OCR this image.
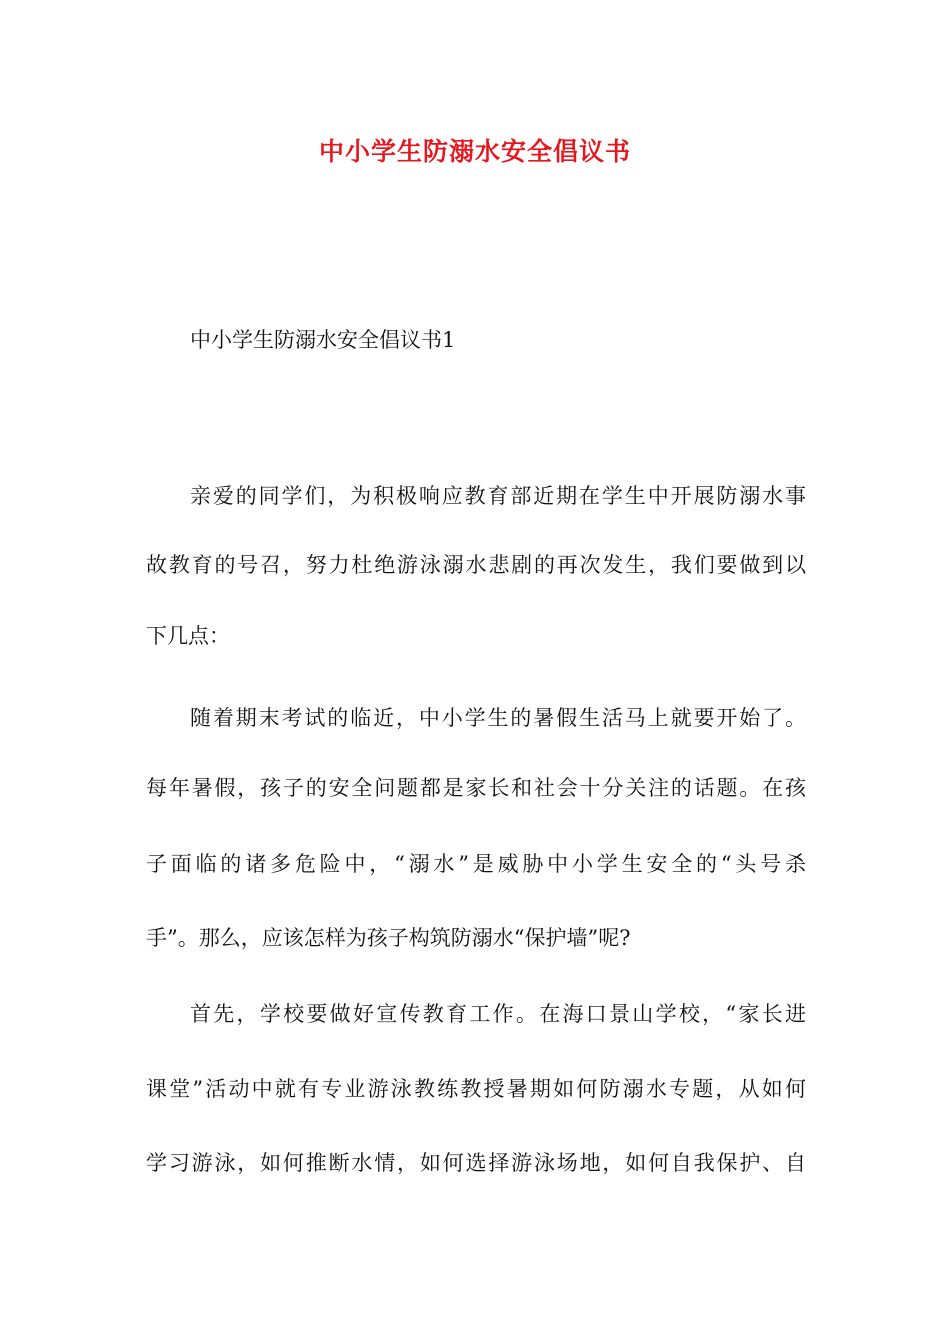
中小学生防溺水安全倡议书
中小学生防溺水安全倡议书1
亲爱的同学们，为积极响应教育部近期在学生中开展防溺水事
故教育的号召，努力杜绝游泳溺水悲剧的再次发生，我们要做到以
下几点：
随着期末考试的临近，中小学生的暑假生活马上就要开始了。
每年暑假，孩子的安全问题都是家长和社会十分关注的话题。在孩
子面临的诸多危险中，“溺水”是威胁中小学生安全的“头号杀
手”。那么，应该怎样为孩子构筑防溺水“保护墙”呢?
首先，学校要做好宣传教育工作。在海口景山学校，“家长进
课堂”活动中就有专业游泳教练教授暑期如何防溺水专题，从如何
学习游泳，如何推断水情，如何选择游泳场地，如何自我保护、自
